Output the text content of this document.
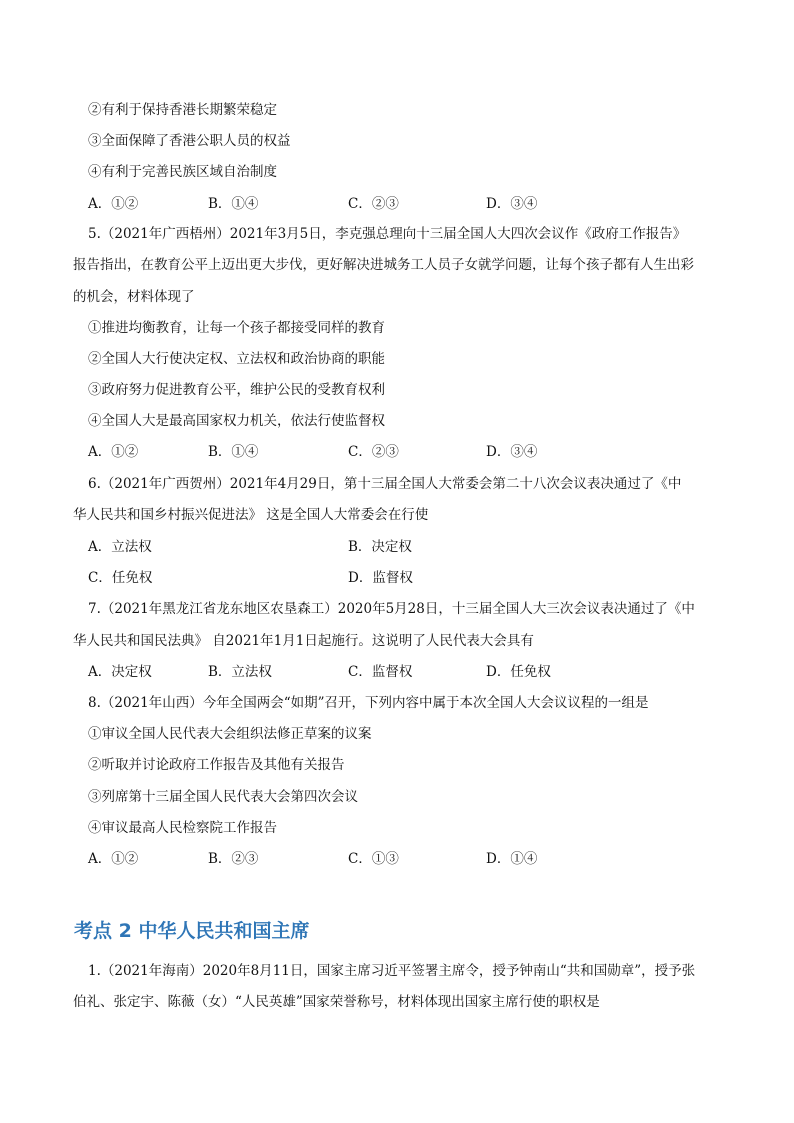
②有利于保持香港长期繁荣稳定
③全面保障了香港公职人员的权益
④有利于完善民族区域自治制度
A．①②	B．①④	C．②③	D．③④
5.（2021年广西梧州）2021年3月5日，李克强总理向十三届全国人大四次会议作《政府工作报告》
报告指出，在教育公平上迈出更大步伐，更好解决进城务工人员子女就学问题，让每个孩子都有人生出彩
的机会，材料体现了
①推进均衡教育，让每一个孩子都接受同样的教育
②全国人大行使决定权、立法权和政治协商的职能
③政府努力促进教育公平，维护公民的受教育权利
④全国人大是最高国家权力机关，依法行使监督权
A．①②	B．①④	C．②③	D．③④
6.（2021年广西贺州）2021年4月29日，第十三届全国人大常委会第二十八次会议表决通过了《中
华人民共和国乡村振兴促进法》 这是全国人大常委会在行使
A．立法权	B．决定权
C．任免权	D．监督权
7.（2021年黑龙江省龙东地区农垦森工）2020年5月28日，十三届全国人大三次会议表决通过了《中
华人民共和国民法典》 自2021年1月1日起施行。这说明了人民代表大会具有
A．决定权	B．立法权	C．监督权	D．任免权
8.（2021年山西）今年全国两会“如期”召开，下列内容中属于本次全国人大会议议程的一组是
①审议全国人民代表大会组织法修正草案的议案
②听取并讨论政府工作报告及其他有关报告
③列席第十三届全国人民代表大会第四次会议
④审议最高人民检察院工作报告
A．①②	B．②③	C．①③	D．①④
考点 2 中华人民共和国主席
1.（2021年海南）2020年8月11日，国家主席习近平签署主席令，授予钟南山“共和国勋章”，授予张
伯礼、张定宇、陈薇（女）“人民英雄”国家荣誉称号，材料体现出国家主席行使的职权是
